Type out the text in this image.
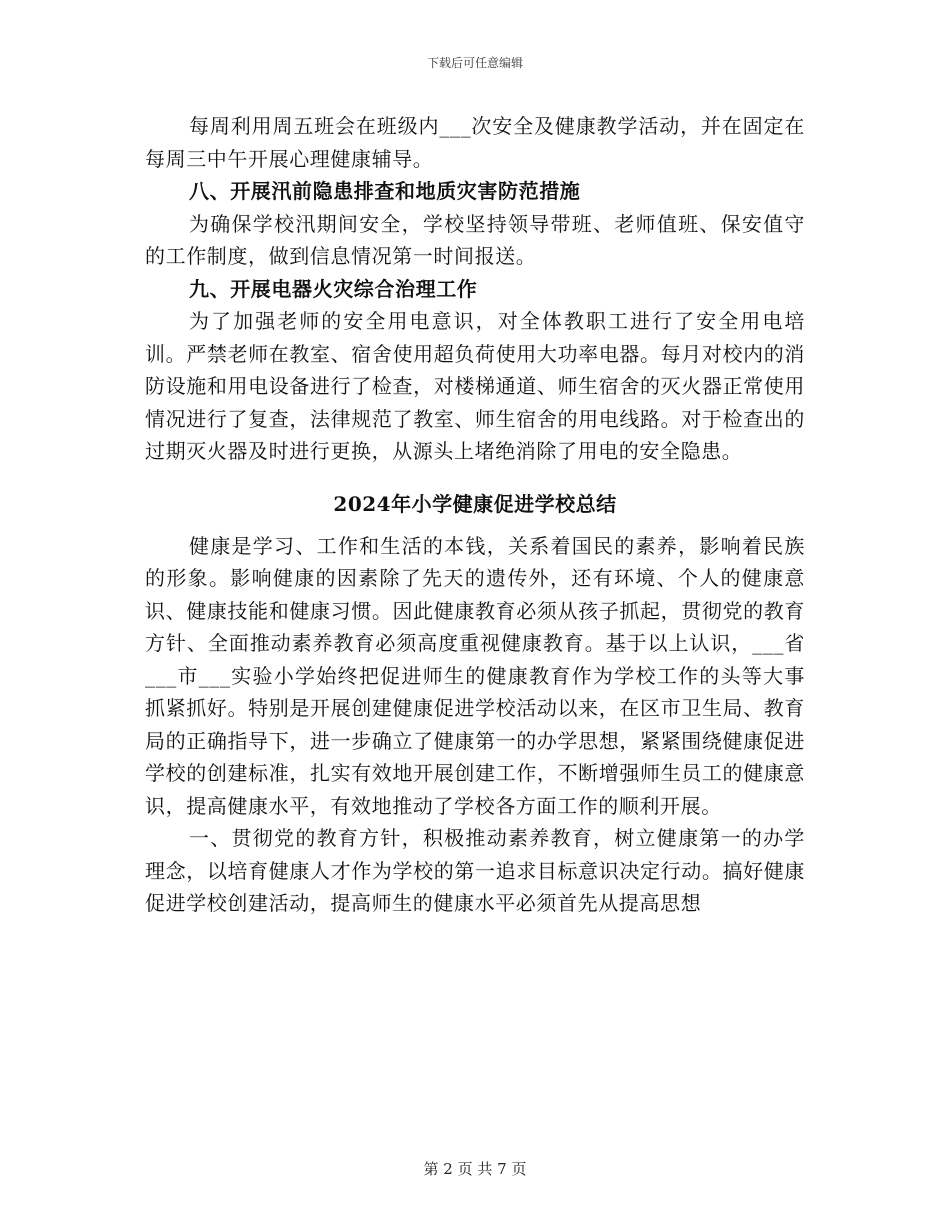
下载后可任意编辑

每周利用周五班会在班级内___次安全及健康教学活动，并在固定在每周三中午开展心理健康辅导。

八、开展汛前隐患排查和地质灾害防范措施

为确保学校汛期间安全，学校坚持领导带班、老师值班、保安值守的工作制度，做到信息情况第一时间报送。

九、开展电器火灾综合治理工作

为了加强老师的安全用电意识，对全体教职工进行了安全用电培训。严禁老师在教室、宿舍使用超负荷使用大功率电器。每月对校内的消防设施和用电设备进行了检查，对楼梯通道、师生宿舍的灭火器正常使用情况进行了复查，法律规范了教室、师生宿舍的用电线路。对于检查出的过期灭火器及时进行更换，从源头上堵绝消除了用电的安全隐患。

2024年小学健康促进学校总结

健康是学习、工作和生活的本钱，关系着国民的素养，影响着民族的形象。影响健康的因素除了先天的遗传外，还有环境、个人的健康意识、健康技能和健康习惯。因此健康教育必须从孩子抓起，贯彻党的教育方针、全面推动素养教育必须高度重视健康教育。基于以上认识，___省___市___实验小学始终把促进师生的健康教育作为学校工作的头等大事抓紧抓好。特别是开展创建健康促进学校活动以来，在区市卫生局、教育局的正确指导下，进一步确立了健康第一的办学思想，紧紧围绕健康促进学校的创建标准，扎实有效地开展创建工作，不断增强师生员工的健康意识，提高健康水平，有效地推动了学校各方面工作的顺利开展。

一、贯彻党的教育方针，积极推动素养教育，树立健康第一的办学理念，以培育健康人才作为学校的第一追求目标意识决定行动。搞好健康促进学校创建活动，提高师生的健康水平必须首先从提高思想

第 2 页 共 7 页
